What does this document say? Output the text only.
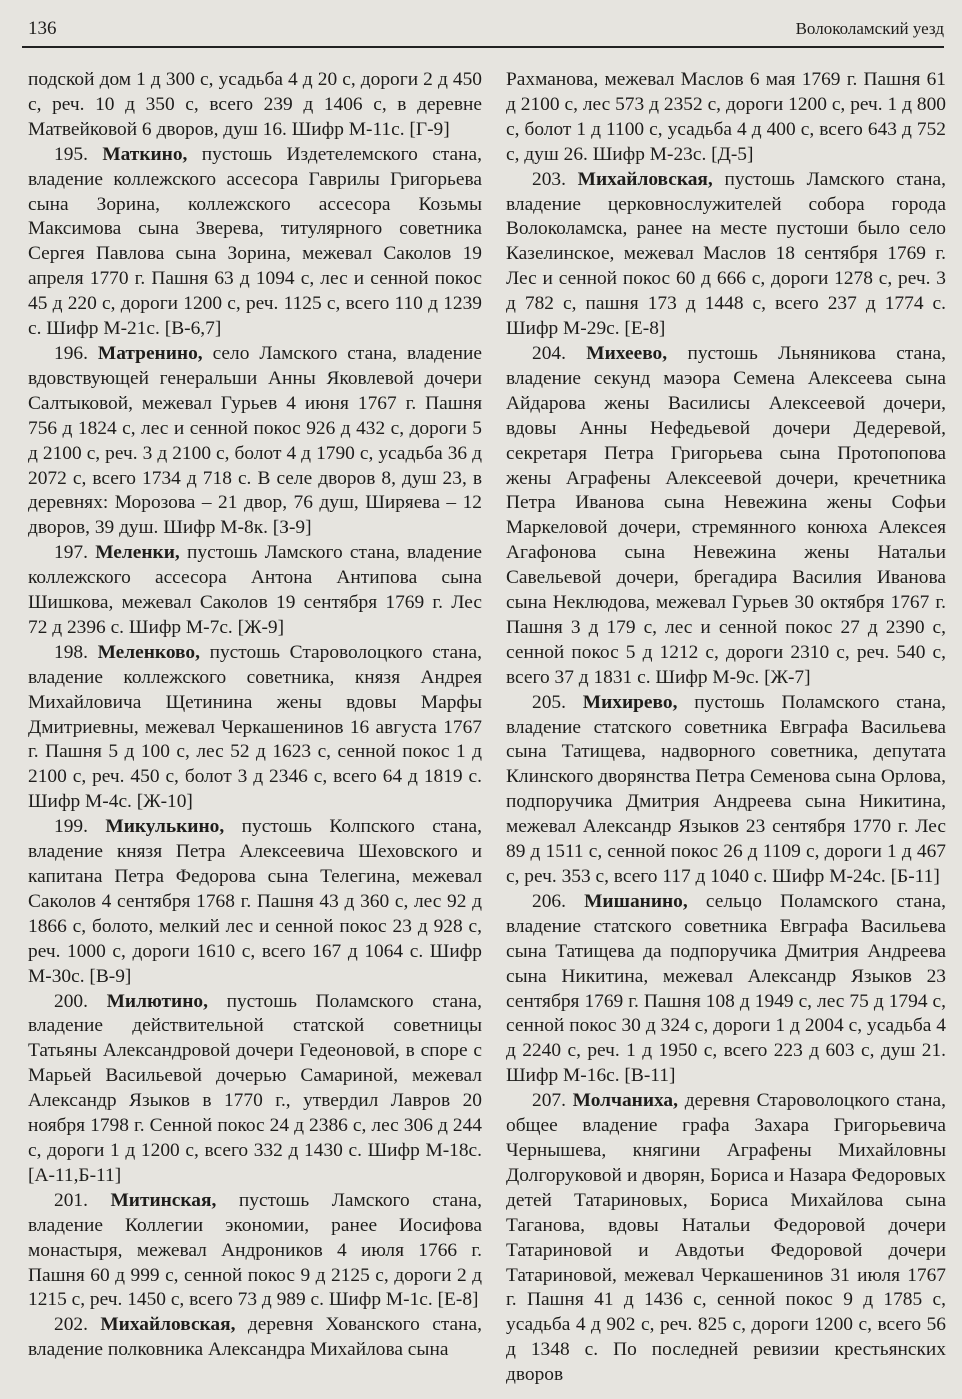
136	Волоколамский уезд

подской дом 1 д 300 с, усадьба 4 д 20 с, дороги 2 д 450 с, реч. 10 д 350 с, всего 239 д 1406 с, в деревне Матвейковой 6 дворов, душ 16. Шифр М-11с. [Г-9]

195. Маткино, пустошь Издетелемского стана, владение коллежского ассесора Гаврилы Григорьева сына Зорина, коллежского ассесора Козьмы Максимова сына Зверева, титулярного советника Сергея Павлова сына Зорина, межевал Саколов 19 апреля 1770 г. Пашня 63 д 1094 с, лес и сенной покос 45 д 220 с, дороги 1200 с, реч. 1125 с, всего 110 д 1239 с. Шифр М-21с. [В-6,7]

196. Матренино, село Ламского стана, владение вдовствующей генеральши Анны Яковлевой дочери Салтыковой, межевал Гурьев 4 июня 1767 г. Пашня 756 д 1824 с, лес и сенной покос 926 д 432 с, дороги 5 д 2100 с, реч. 3 д 2100 с, болот 4 д 1790 с, усадьба 36 д 2072 с, всего 1734 д 718 с. В селе дворов 8, душ 23, в деревнях: Морозова – 21 двор, 76 душ, Ширяева – 12 дворов, 39 душ. Шифр М-8к. [З-9]

197. Меленки, пустошь Ламского стана, владение коллежского ассесора Антона Антипова сына Шишкова, межевал Саколов 19 сентября 1769 г. Лес 72 д 2396 с. Шифр М-7с. [Ж-9]

198. Меленково, пустошь Староволоцкого стана, владение коллежского советника, князя Андрея Михайловича Щетинина жены вдовы Марфы Дмитриевны, межевал Черкашенинов 16 августа 1767 г. Пашня 5 д 100 с, лес 52 д 1623 с, сенной покос 1 д 2100 с, реч. 450 с, болот 3 д 2346 с, всего 64 д 1819 с. Шифр М-4с. [Ж-10]

199. Микулькино, пустошь Колпского стана, владение князя Петра Алексеевича Шеховского и капитана Петра Федорова сына Телегина, межевал Саколов 4 сентября 1768 г. Пашня 43 д 360 с, лес 92 д 1866 с, болото, мелкий лес и сенной покос 23 д 928 с, реч. 1000 с, дороги 1610 с, всего 167 д 1064 с. Шифр М-30с. [В-9]

200. Милютино, пустошь Поламского стана, владение действительной статской советницы Татьяны Александровой дочери Гедеоновой, в споре с Марьей Васильевой дочерью Самариной, межевал Александр Языков в 1770 г., утвердил Лавров 20 ноября 1798 г. Сенной покос 24 д 2386 с, лес 306 д 244 с, дороги 1 д 1200 с, всего 332 д 1430 с. Шифр М-18с. [А-11,Б-11]

201. Митинская, пустошь Ламского стана, владение Коллегии экономии, ранее Иосифова монастыря, межевал Андроников 4 июля 1766 г. Пашня 60 д 999 с, сенной покос 9 д 2125 с, дороги 2 д 1215 с, реч. 1450 с, всего 73 д 989 с. Шифр М-1с. [Е-8]

202. Михайловская, деревня Хованского стана, владение полковника Александра Михайлова сына

Рахманова, межевал Маслов 6 мая 1769 г. Пашня 61 д 2100 с, лес 573 д 2352 с, дороги 1200 с, реч. 1 д 800 с, болот 1 д 1100 с, усадьба 4 д 400 с, всего 643 д 752 с, душ 26. Шифр М-23с. [Д-5]

203. Михайловская, пустошь Ламского стана, владение церковнослужителей собора города Волоколамска, ранее на месте пустоши было село Казелинское, межевал Маслов 18 сентября 1769 г. Лес и сенной покос 60 д 666 с, дороги 1278 с, реч. 3 д 782 с, пашня 173 д 1448 с, всего 237 д 1774 с. Шифр М-29с. [Е-8]

204. Михеево, пустошь Льняникова стана, владение секунд маэора Семена Алексеева сына Айдарова жены Василисы Алексеевой дочери, вдовы Анны Нефедьевой дочери Дедеревой, секретаря Петра Григорьева сына Протопопова жены Аграфены Алексеевой дочери, кречетника Петра Иванова сына Невежина жены Софьи Маркеловой дочери, стремянного конюха Алексея Агафонова сына Невежина жены Натальи Савельевой дочери, брегадира Василия Иванова сына Неклюдова, межевал Гурьев 30 октября 1767 г. Пашня 3 д 179 с, лес и сенной покос 27 д 2390 с, сенной покос 5 д 1212 с, дороги 2310 с, реч. 540 с, всего 37 д 1831 с. Шифр М-9с. [Ж-7]

205. Михирево, пустошь Поламского стана, владение статского советника Евграфа Васильева сына Татищева, надворного советника, депутата Клинского дворянства Петра Семенова сына Орлова, подпоручика Дмитрия Андреева сына Никитина, межевал Александр Языков 23 сентября 1770 г. Лес 89 д 1511 с, сенной покос 26 д 1109 с, дороги 1 д 467 с, реч. 353 с, всего 117 д 1040 с. Шифр М-24с. [Б-11]

206. Мишанино, сельцо Поламского стана, владение статского советника Евграфа Васильева сына Татищева да подпоручика Дмитрия Андреева сына Никитина, межевал Александр Языков 23 сентября 1769 г. Пашня 108 д 1949 с, лес 75 д 1794 с, сенной покос 30 д 324 с, дороги 1 д 2004 с, усадьба 4 д 2240 с, реч. 1 д 1950 с, всего 223 д 603 с, душ 21. Шифр М-16с. [В-11]

207. Молчаниха, деревня Староволоцкого стана, общее владение графа Захара Григорьевича Чернышева, княгини Аграфены Михайловны Долгоруковой и дворян, Бориса и Назара Федоровых детей Татариновых, Бориса Михайлова сына Таганова, вдовы Натальи Федоровой дочери Татариновой и Авдотьи Федоровой дочери Татариновой, межевал Черкашенинов 31 июля 1767 г. Пашня 41 д 1436 с, сенной покос 9 д 1785 с, усадьба 4 д 902 с, реч. 825 с, дороги 1200 с, всего 56 д 1348 с. По последней ревизии крестьянских дворов
